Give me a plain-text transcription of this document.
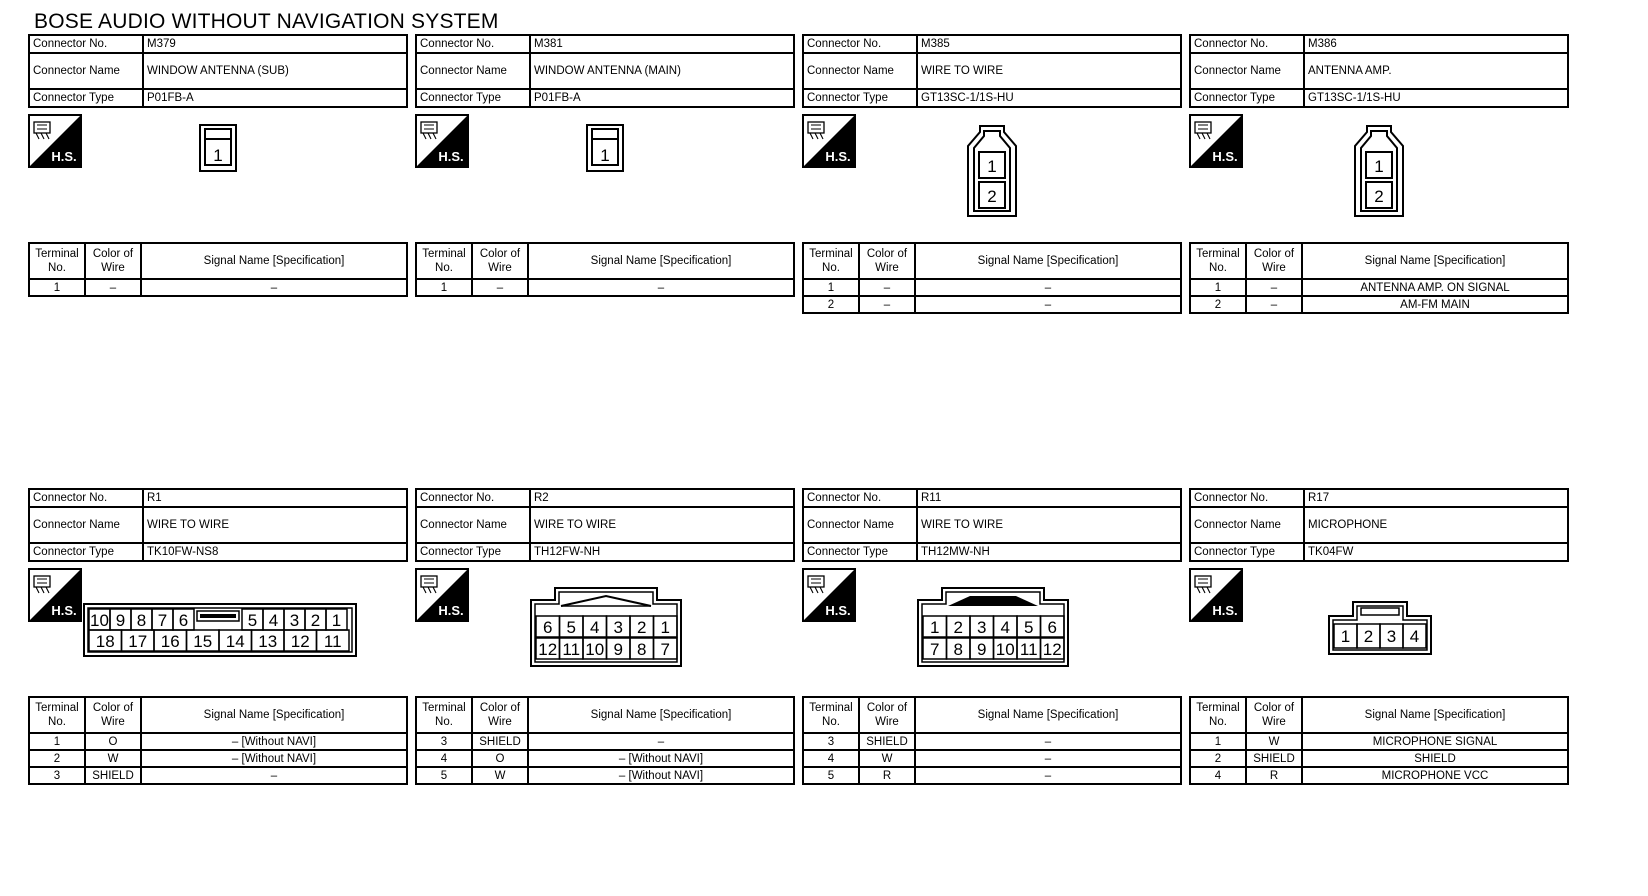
BOSE AUDIO WITHOUT NAVIGATION SYSTEM
Connector No.	M379
Connector Name	WINDOW ANTENNA (SUB)
Connector Type	P01FB-A
H.S.	1
Terminal No.	Color of Wire	Signal Name [Specification]
1	–	–
Connector No.	M381
Connector Name	WINDOW ANTENNA (MAIN)
Connector Type	P01FB-A
H.S.	1
Terminal No.	Color of Wire	Signal Name [Specification]
1	–	–
Connector No.	M385
Connector Name	WIRE TO WIRE
Connector Type	GT13SC-1/1S-HU
H.S.
1
2
Terminal No.	Color of Wire	Signal Name [Specification]
1	–	–
2	–	–
Connector No.	M386
Connector Name	ANTENNA AMP.
Connector Type	GT13SC-1/1S-HU
H.S.
1
2
Terminal No.	Color of Wire	Signal Name [Specification]
1	–	ANTENNA AMP. ON SIGNAL
2	–	AM-FM MAIN
Connector No.	R1
Connector Name	WIRE TO WIRE
Connector Type	TK10FW-NS8
H.S.
10 9 8 7 6	5 4 3 2 1
18 17 16 15 14 13 12 11
Terminal No.	Color of Wire	Signal Name [Specification]
1	O	– [Without NAVI]
2	W	– [Without NAVI]
3	SHIELD	–
Connector No.	R2
Connector Name	WIRE TO WIRE
Connector Type	TH12FW-NH
H.S.
6
12
5
11
4
10
3
9
2
8
1
7
Terminal No.	Color of Wire	Signal Name [Specification]
3	SHIELD	–
4	O	– [Without NAVI]
5	W	– [Without NAVI]
Connector No.	R11
Connector Name	WIRE TO WIRE
Connector Type	TH12MW-NH
H.S.
1
7
2
8
3
9
4
10
5
11
6
12
Terminal No.	Color of Wire	Signal Name [Specification]
3	SHIELD	–
4	W	–
5	R	–
Connector No.	R17
Connector Name	MICROPHONE
Connector Type	TK04FW
H.S.
1 2 3 4
Terminal No.	Color of Wire	Signal Name [Specification]
1	W	MICROPHONE SIGNAL
2	SHIELD	SHIELD
4	R	MICROPHONE VCC
